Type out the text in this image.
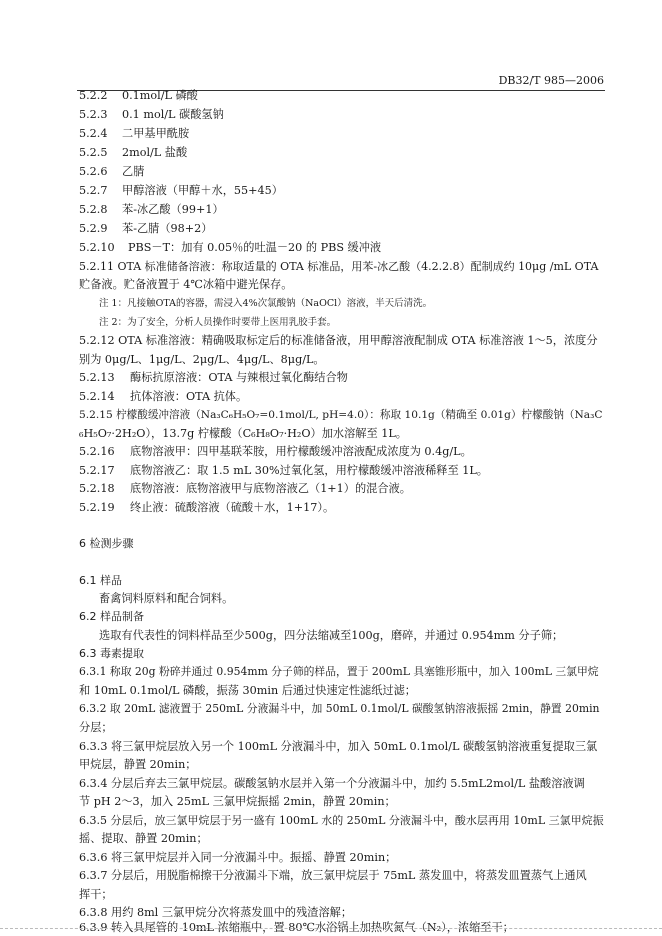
DB32/T 985—2006
5.2.2 0.1mol/L 磷酸
5.2.3 0.1 mol/L 碳酸氢钠
5.2.4 二甲基甲酰胺
5.2.5 2mol/L 盐酸
5.2.6 乙腈
5.2.7 甲醇溶液（甲醇＋水，55+45）
5.2.8 苯-冰乙酸（99+1）
5.2.9 苯-乙腈（98+2）
5.2.10 PBS－T：加有 0.05％的吐温－20 的 PBS 缓冲液
5.2.11 OTA 标准储备溶液：称取适量的 OTA 标准品，用苯-冰乙酸（4.2.2.8）配制成约 10μg /mL OTA
贮备液。贮备液置于 4℃冰箱中避光保存。
注 1：凡接触OTA的容器，需浸入4%次氯酸钠（NaOCl）溶液，半天后清洗。
注 2：为了安全，分析人员操作时要带上医用乳胶手套。
5.2.12 OTA 标准溶液：精确吸取标定后的标准储备液，用甲醇溶液配制成 OTA 标准溶液 1～5，浓度分
别为 0μg/L、1μg/L、2μg/L、4μg/L、8μg/L。
5.2.13 酶标抗原溶液：OTA 与辣根过氧化酶结合物
5.2.14 抗体溶液：OTA 抗体。
5.2.15 柠檬酸缓冲溶液（Na₃C₆H₅O₇=0.1mol/L, pH=4.0）：称取 10.1g（精确至 0.01g）柠檬酸钠（Na₃C
₆H₅O₇·2H₂O），13.7g 柠檬酸（C₆H₈O₇·H₂O）加水溶解至 1L。
5.2.16 底物溶液甲：四甲基联苯胺，用柠檬酸缓冲溶液配成浓度为 0.4g/L。
5.2.17 底物溶液乙：取 1.5 mL 30%过氧化氢，用柠檬酸缓冲溶液稀释至 1L。
5.2.18 底物溶液：底物溶液甲与底物溶液乙（1+1）的混合液。
5.2.19 终止液：硫酸溶液（硫酸＋水，1+17）。
6 检测步骤
6.1 样品
畜禽饲料原料和配合饲料。
6.2 样品制备
选取有代表性的饲料样品至少500g，四分法缩减至100g，磨碎，并通过 0.954mm 分子筛；
6.3 毒素提取
6.3.1 称取 20g 粉碎并通过 0.954mm 分子筛的样品，置于 200mL 具塞锥形瓶中，加入 100mL 三氯甲烷
和 10mL 0.1mol/L 磷酸，振荡 30min 后通过快速定性滤纸过滤；
6.3.2 取 20mL 滤液置于 250mL 分液漏斗中，加 50mL 0.1mol/L 碳酸氢钠溶液振摇 2min，静置 20min
分层；
6.3.3 将三氯甲烷层放入另一个 100mL 分液漏斗中，加入 50mL 0.1mol/L 碳酸氢钠溶液重复提取三氯
甲烷层，静置 20min；
6.3.4 分层后弃去三氯甲烷层。碳酸氢钠水层并入第一个分液漏斗中，加约 5.5mL2mol/L 盐酸溶液调
节 pH 2～3，加入 25mL 三氯甲烷振摇 2min，静置 20min；
6.3.5 分层后，放三氯甲烷层于另一盛有 100mL 水的 250mL 分液漏斗中，酸水层再用 10mL 三氯甲烷振
摇、提取、静置 20min；
6.3.6 将三氯甲烷层并入同一分液漏斗中。振摇、静置 20min；
6.3.7 分层后，用脱脂棉擦干分液漏斗下端，放三氯甲烷层于 75mL 蒸发皿中，将蒸发皿置蒸气上通风
挥干；
6.3.8 用约 8ml 三氯甲烷分次将蒸发皿中的残渣溶解；
6.3.9 转入具尾管的 10mL 浓缩瓶中，置 80℃水浴锅上加热吹氮气（N₂），浓缩至干；
